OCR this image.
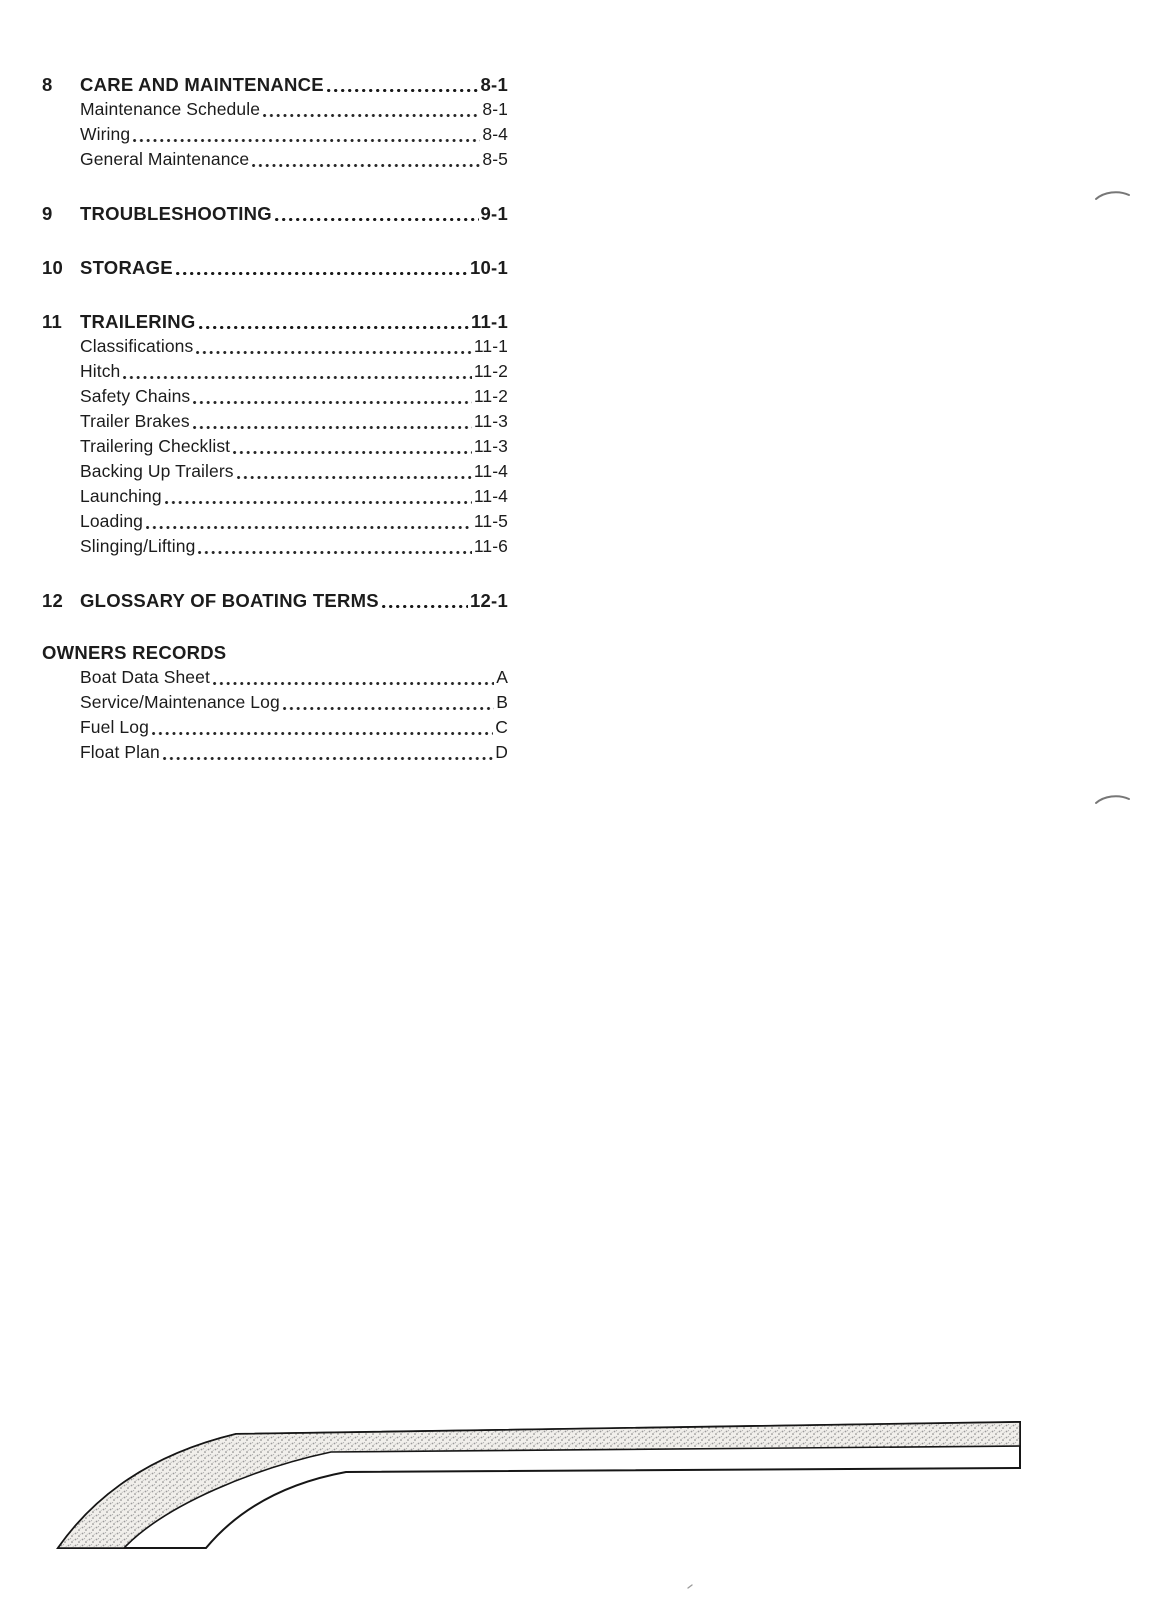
8	CARE AND MAINTENANCE	8-1
Maintenance Schedule	8-1
Wiring	8-4
General Maintenance	8-5
9	TROUBLESHOOTING	9-1
10 STORAGE	10-1
11 TRAILERING	11-1
Classifications	11-1
Hitch	11-2
Safety Chains	11-2
Trailer Brakes	11-3
Trailering Checklist	11-3
Backing Up Trailers	11-4
Launching	11-4
Loading	11-5
Slinging/Lifting	11-6
12 GLOSSARY OF BOATING TERMS	12-1
OWNERS RECORDS
Boat Data Sheet	A
Service/Maintenance Log	B
Fuel Log	C
Float Plan	D
